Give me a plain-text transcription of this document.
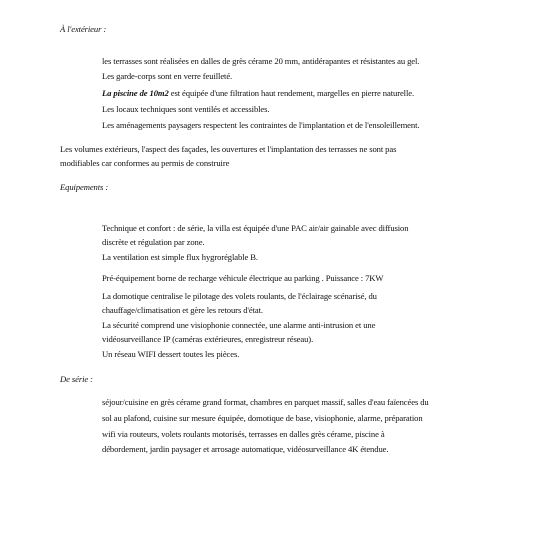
À l'extérieur :
les terrasses sont réalisées en dalles de grès cérame 20 mm, antidérapantes et résistantes au gel.
Les garde-corps sont en verre feuilleté.
La piscine de 10m2 est équipée d'une filtration haut rendement, margelles en pierre naturelle.
Les locaux techniques sont ventilés et accessibles.
Les aménagements paysagers respectent les contraintes de l'implantation et de l'ensoleillement.
Les volumes extérieurs, l'aspect des façades, les ouvertures et l'implantation des terrasses ne sont pas
modifiables car conformes au permis de construire
Equipements :
Technique et confort : de série, la villa est équipée d'une PAC air/air gainable avec diffusion
discrète et régulation par zone.
La ventilation est simple flux hygroréglable B.
Pré-équipement borne de recharge véhicule électrique au parking . Puissance : 7KW
La domotique centralise le pilotage des volets roulants, de l'éclairage scénarisé, du
chauffage/climatisation et gère les retours d'état.
La sécurité comprend une visiophonie connectée, une alarme anti-intrusion et une
vidéosurveillance IP (caméras extérieures, enregistreur réseau).
Un réseau WIFI dessert toutes les pièces.
De série :
séjour/cuisine en grès cérame grand format, chambres en parquet massif, salles d'eau faïencées du
sol au plafond, cuisine sur mesure équipée, domotique de base, visiophonie, alarme, préparation
wifi via routeurs, volets roulants motorisés, terrasses en dalles grès cérame, piscine à
débordement, jardin paysager et arrosage automatique, vidéosurveillance 4K étendue.
